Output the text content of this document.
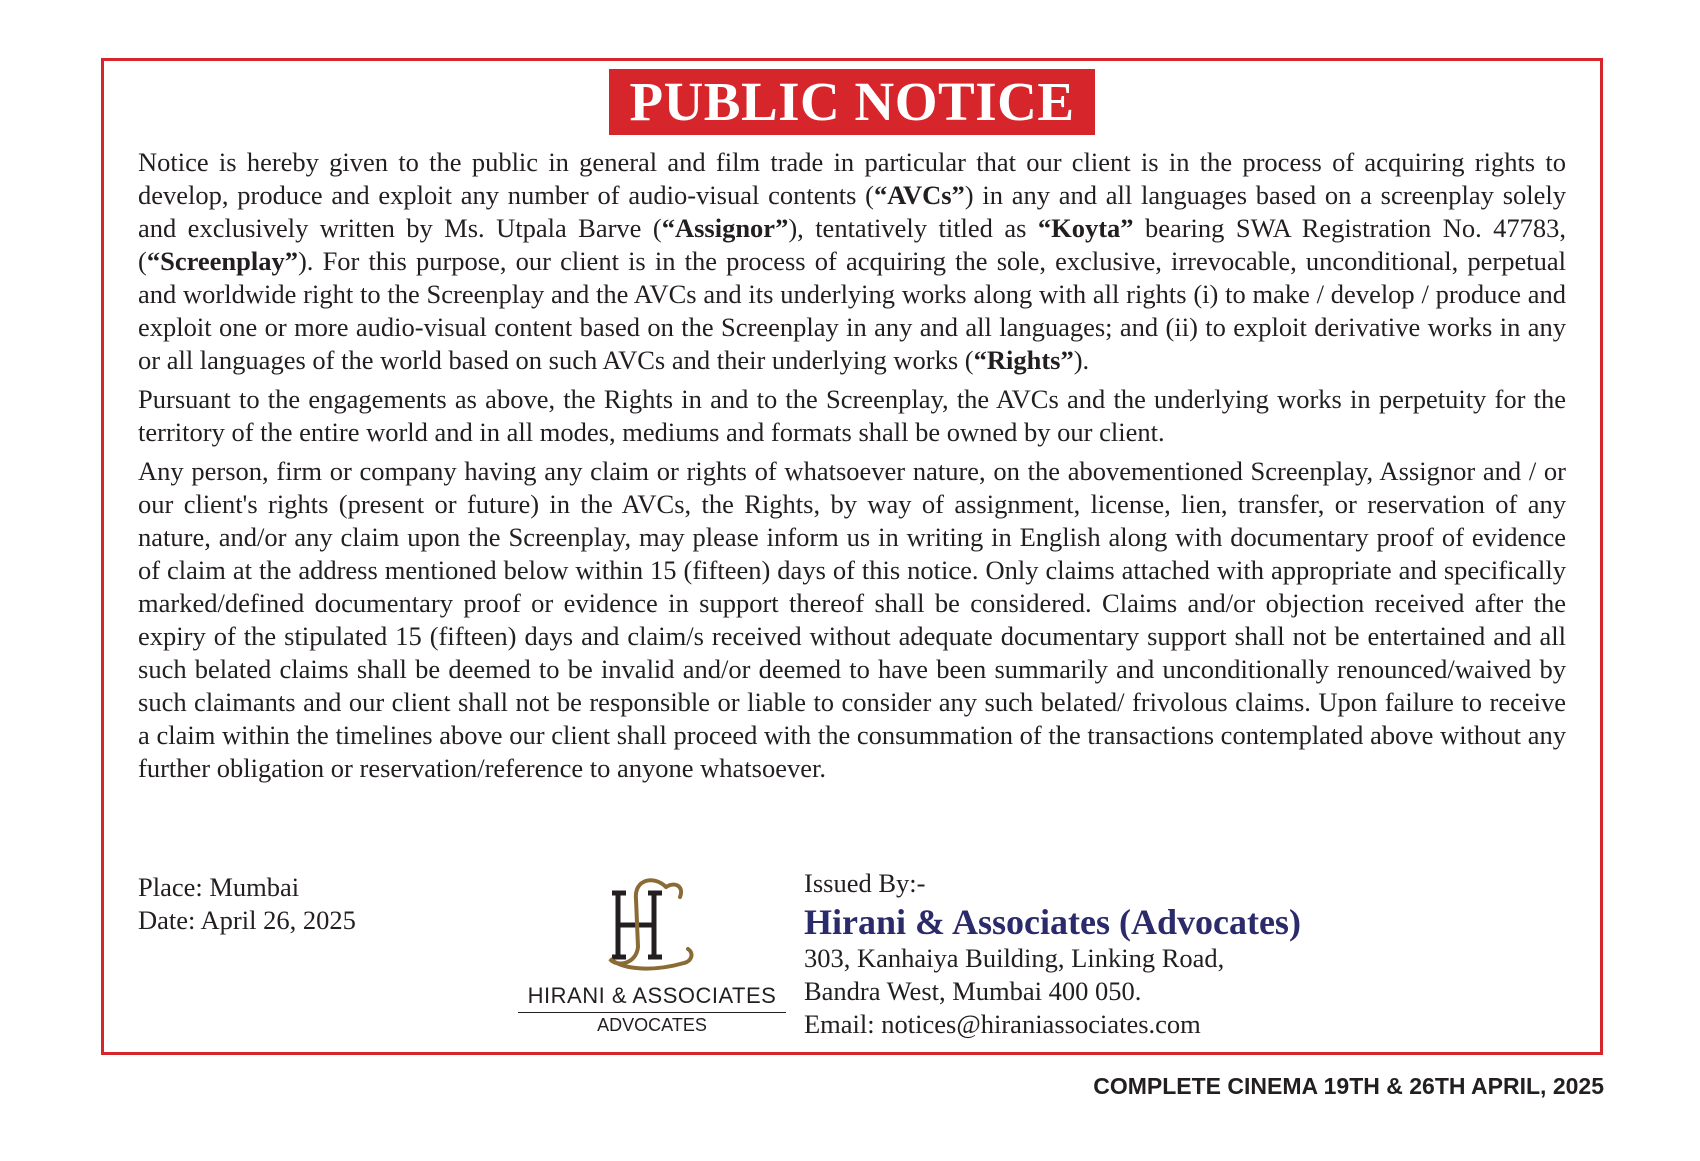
PUBLIC NOTICE

Notice is hereby given to the public in general and film trade in particular that our client is in the process of acquiring rights to develop, produce and exploit any number of audio-visual contents (“AVCs”) in any and all languages based on a screenplay solely and exclusively written by Ms. Utpala Barve (“Assignor”), tentatively titled as “Koyta” bearing SWA Registration No. 47783, (“Screenplay”). For this purpose, our client is in the process of acquiring the sole, exclusive, irrevocable, unconditional, perpetual and worldwide right to the Screenplay and the AVCs and its underlying works along with all rights (i) to make / develop / produce and exploit one or more audio-visual content based on the Screenplay in any and all languages; and (ii) to exploit derivative works in any or all languages of the world based on such AVCs and their underlying works (“Rights”).

Pursuant to the engagements as above, the Rights in and to the Screenplay, the AVCs and the underlying works in perpetuity for the territory of the entire world and in all modes, mediums and formats shall be owned by our client.

Any person, firm or company having any claim or rights of whatsoever nature, on the abovementioned Screenplay, Assignor and / or our client's rights (present or future) in the AVCs, the Rights, by way of assignment, license, lien, transfer, or reservation of any nature, and/or any claim upon the Screenplay, may please inform us in writing in English along with documentary proof of evidence of claim at the address mentioned below within 15 (fifteen) days of this notice. Only claims attached with appropriate and specifically marked/defined documentary proof or evidence in support thereof shall be considered. Claims and/or objection received after the expiry of the stipulated 15 (fifteen) days and claim/s received without adequate documentary support shall not be entertained and all such belated claims shall be deemed to be invalid and/or deemed to have been summarily and unconditionally renounced/waived by such claimants and our client shall not be responsible or liable to consider any such belated/ frivolous claims. Upon failure to receive a claim within the timelines above our client shall proceed with the consummation of the transactions contemplated above without any further obligation or reservation/reference to anyone whatsoever.

Place: Mumbai
Date: April 26, 2025
HIRANI & ASSOCIATES
ADVOCATES
Issued By:-
Hirani & Associates (Advocates)
303, Kanhaiya Building, Linking Road,
Bandra West, Mumbai 400 050.
Email: notices@hiraniassociates.com
COMPLETE CINEMA 19TH & 26TH APRIL, 2025
